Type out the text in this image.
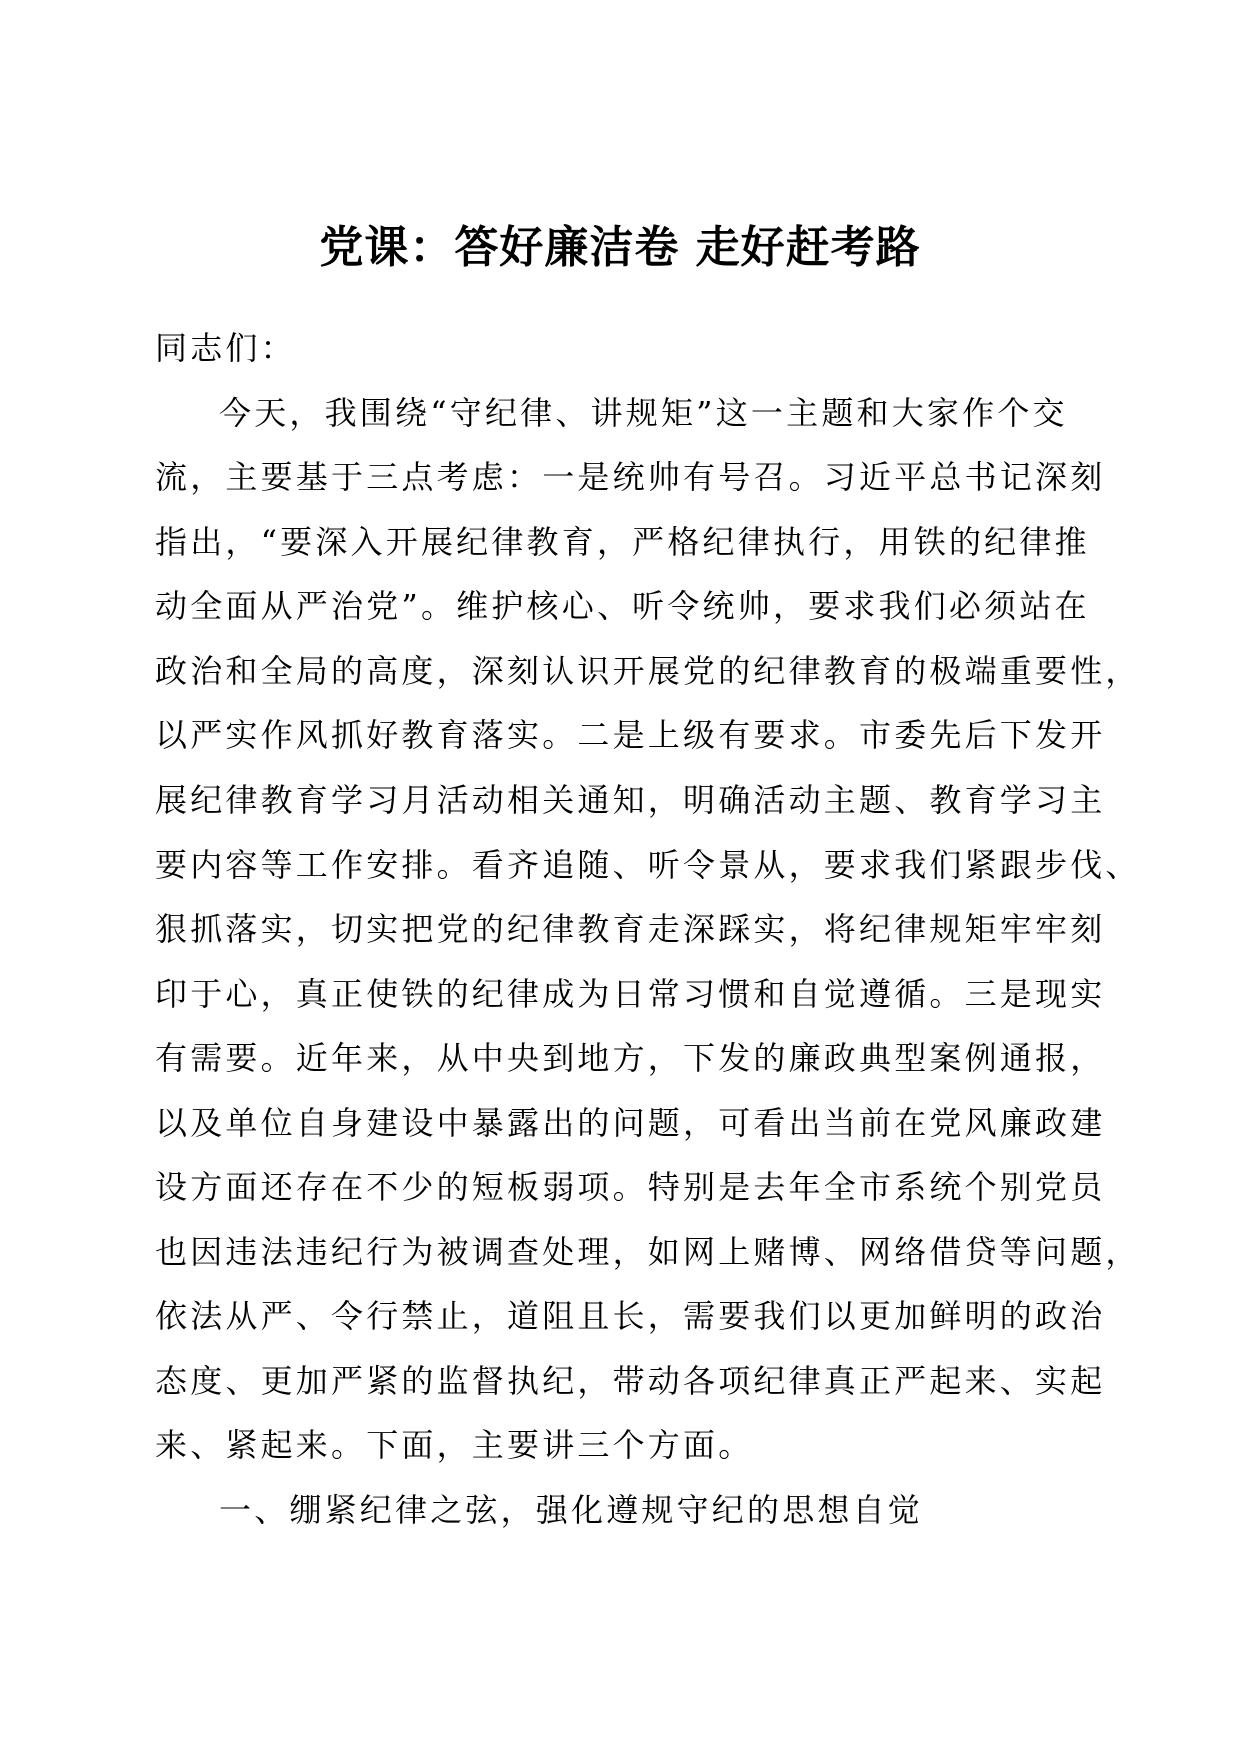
党课：答好廉洁卷 走好赶考路
同志们：
今天，我围绕“守纪律、讲规矩”这一主题和大家作个交
流，主要基于三点考虑：一是统帅有号召。习近平总书记深刻
指出，“要深入开展纪律教育，严格纪律执行，用铁的纪律推
动全面从严治党”。维护核心、听令统帅，要求我们必须站在
政治和全局的高度，深刻认识开展党的纪律教育的极端重要性，
以严实作风抓好教育落实。二是上级有要求。市委先后下发开
展纪律教育学习月活动相关通知，明确活动主题、教育学习主
要内容等工作安排。看齐追随、听令景从，要求我们紧跟步伐、
狠抓落实，切实把党的纪律教育走深踩实，将纪律规矩牢牢刻
印于心，真正使铁的纪律成为日常习惯和自觉遵循。三是现实
有需要。近年来，从中央到地方，下发的廉政典型案例通报，
以及单位自身建设中暴露出的问题，可看出当前在党风廉政建
设方面还存在不少的短板弱项。特别是去年全市系统个别党员
也因违法违纪行为被调查处理，如网上赌博、网络借贷等问题，
依法从严、令行禁止，道阻且长，需要我们以更加鲜明的政治
态度、更加严紧的监督执纪，带动各项纪律真正严起来、实起
来、紧起来。下面，主要讲三个方面。
一、绷紧纪律之弦，强化遵规守纪的思想自觉
